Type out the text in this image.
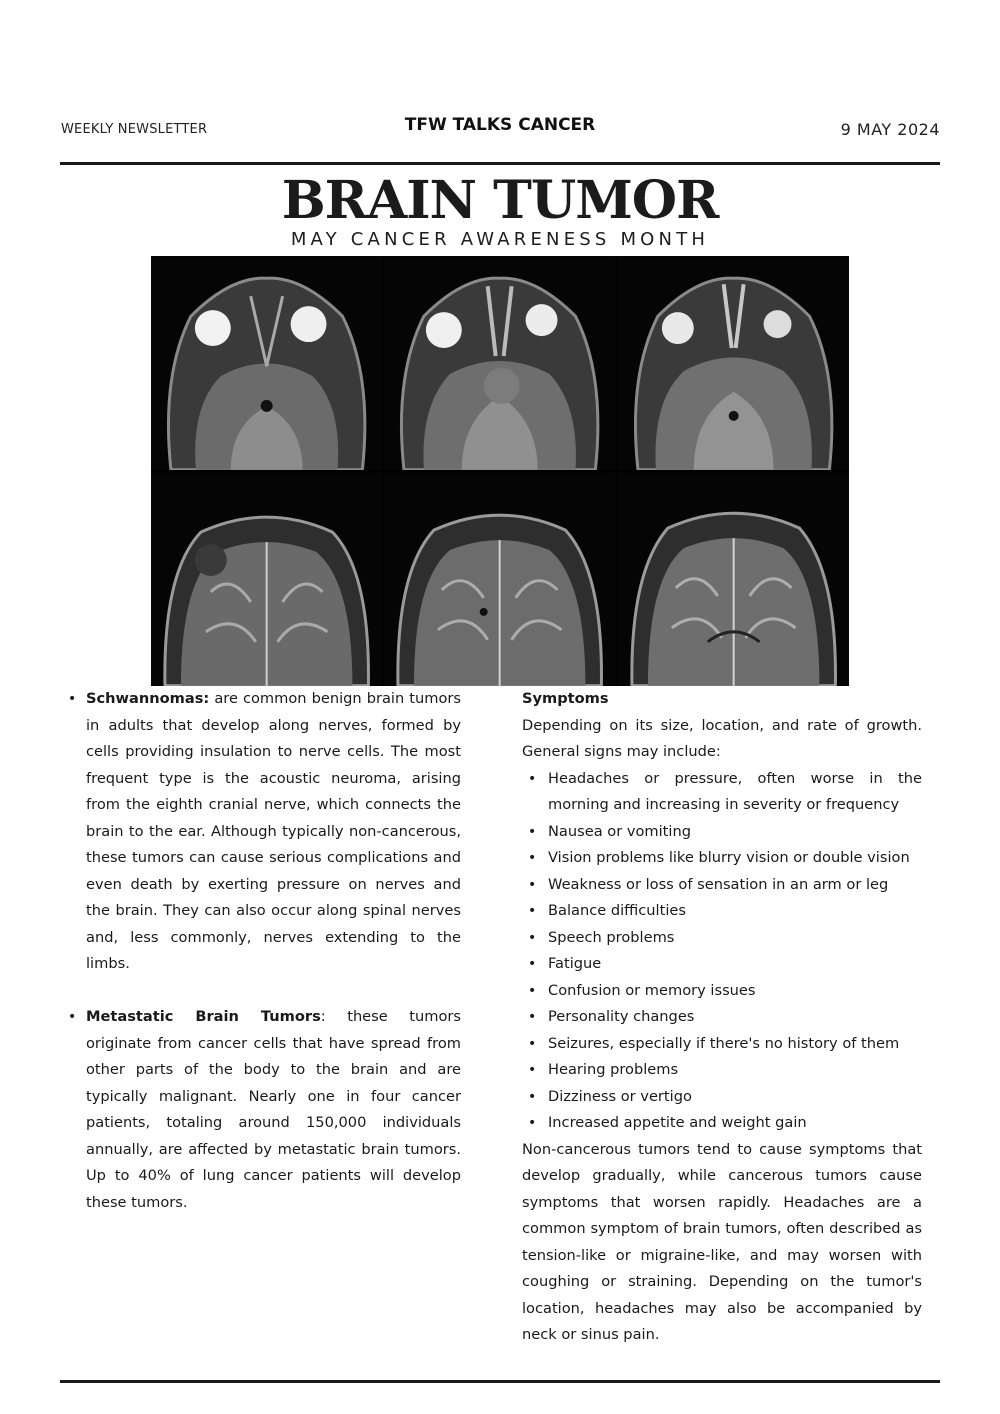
WEEKLY NEWSLETTER	TFW TALKS CANCER	9 MAY 2024
BRAIN TUMOR
MAY CANCER AWARENESS MONTH
• Schwannomas: are common benign brain tumors in adults that develop along nerves, formed by cells providing insulation to nerve cells. The most frequent type is the acoustic neuroma, arising from the eighth cranial nerve, which connects the brain to the ear. Although typically non-cancerous, these tumors can cause serious complications and even death by exerting pressure on nerves and the brain. They can also occur along spinal nerves and, less commonly, nerves extending to the limbs.
• Metastatic Brain Tumors: these tumors originate from cancer cells that have spread from other parts of the body to the brain and are typically malignant. Nearly one in four cancer patients, totaling around 150,000 individuals annually, are affected by metastatic brain tumors. Up to 40% of lung cancer patients will develop these tumors.
Symptoms

Depending on its size, location, and rate of growth. General signs may include:

• Headaches or pressure, often worse in the morning and increasing in severity or frequency
• Nausea or vomiting
• Vision problems like blurry vision or double vision
• Weakness or loss of sensation in an arm or leg
• Balance difficulties
• Speech problems
• Fatigue
• Confusion or memory issues
• Personality changes
• Seizures, especially if there's no history of them
• Hearing problems
• Dizziness or vertigo
• Increased appetite and weight gain

Non-cancerous tumors tend to cause symptoms that develop gradually, while cancerous tumors cause symptoms that worsen rapidly. Headaches are a common symptom of brain tumors, often described as tension-like or migraine-like, and may worsen with coughing or straining. Depending on the tumor's location, headaches may also be accompanied by neck or sinus pain.
